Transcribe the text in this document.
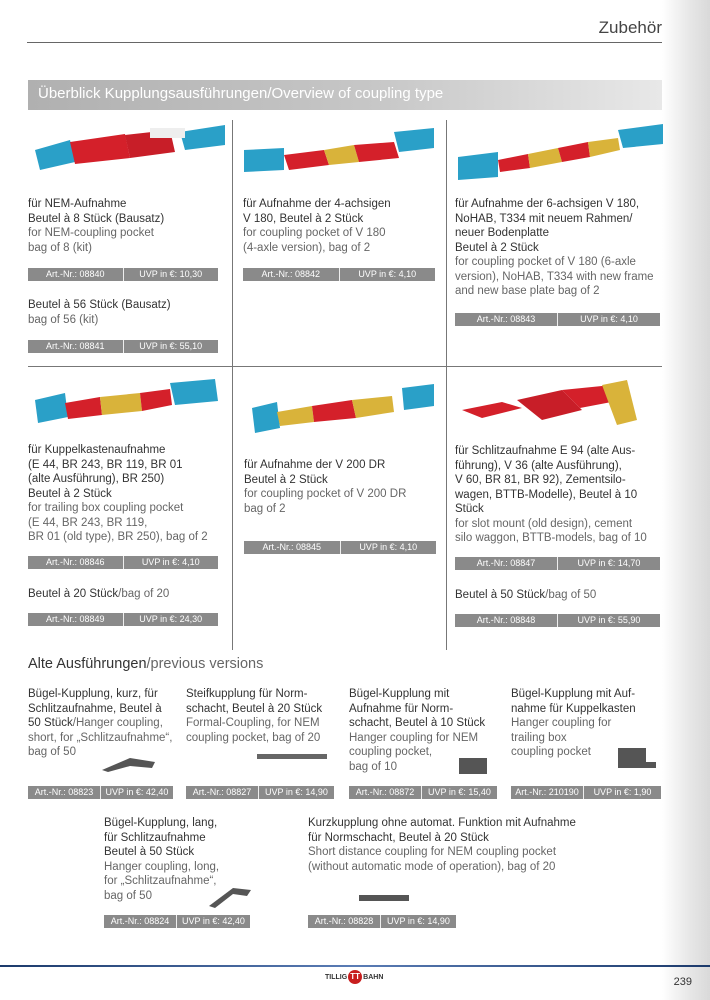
Zubehör
Überblick Kupplungsausführungen/Overview of coupling type
für NEM-Aufnahme
Beutel à 8 Stück (Bausatz)
for NEM-coupling pocket
bag of 8 (kit)
Art.-Nr.: 08840	UVP in €: 10,30
Beutel à 56 Stück (Bausatz)
bag of 56 (kit)
Art.-Nr.: 08841	UVP in €: 55,10
für Aufnahme der 4-achsigen
V 180, Beutel à 2 Stück
for coupling pocket of V 180
(4-axle version), bag of 2
Art.-Nr.: 08842	UVP in €: 4,10
für Aufnahme der 6-achsigen V 180,
NoHAB, T334 mit neuem Rahmen/
neuer Bodenplatte
Beutel à 2 Stück
for coupling pocket of V 180 (6-axle
version), NoHAB, T334 with new frame
and new base plate bag of 2
Art.-Nr.: 08843	UVP in €: 4,10
für Kuppelkastenaufnahme
(E 44, BR 243, BR 119, BR 01
(alte Ausführung), BR 250)
Beutel à 2 Stück
for trailing box coupling pocket
(E 44, BR 243, BR 119,
BR 01 (old type), BR 250), bag of 2
Art.-Nr.: 08846	UVP in €: 4,10
Beutel à 20 Stück/bag of 20
Art.-Nr.: 08849	UVP in €: 24,30
für Aufnahme der V 200 DR
Beutel à 2 Stück
for coupling pocket of V 200 DR
bag of 2
Art.-Nr.: 08845	UVP in €: 4,10
für Schlitzaufnahme E 94 (alte Aus-
führung), V 36 (alte Ausführung),
V 60, BR 81, BR 92), Zementsilo-
wagen, BTTB-Modelle), Beutel à 10
Stück
for slot mount (old design), cement
silo waggon, BTTB-models, bag of 10
Art.-Nr.: 08847	UVP in €: 14,70
Beutel à 50 Stück/bag of 50
Art.-Nr.: 08848	UVP in €: 55,90
Alte Ausführungen/previous versions
Bügel-Kupplung, kurz, für
Schlitzaufnahme, Beutel à
50 Stück/Hanger coupling,
short, for „Schlitzaufnahme“,
bag of 50
Art.-Nr.: 08823	UVP in €: 42,40
Steifkupplung für Norm-
schacht, Beutel à 20 Stück
Formal-Coupling, for NEM
coupling pocket, bag of 20
Art.-Nr.: 08827	UVP in €: 14,90
Bügel-Kupplung mit
Aufnahme für Norm-
schacht, Beutel à 10 Stück
Hanger coupling for NEM
coupling pocket,
bag of 10
Art.-Nr.: 08872	UVP in €: 15,40
Bügel-Kupplung mit Auf-
nahme für Kuppelkasten
Hanger coupling for
trailing box
coupling pocket
Art.-Nr.: 210190	UVP in €: 1,90
Bügel-Kupplung, lang,
für Schlitzaufnahme
Beutel à 50 Stück
Hanger coupling, long,
for „Schlitzaufnahme“,
bag of 50
Art.-Nr.: 08824	UVP in €: 42,40
Kurzkupplung ohne automat. Funktion mit Aufnahme
für Normschacht, Beutel à 20 Stück
Short distance coupling for NEM coupling pocket
(without automatic mode of operation), bag of 20
Art.-Nr.: 08828	UVP in €: 14,90
TILLIG TT BAHN	239
